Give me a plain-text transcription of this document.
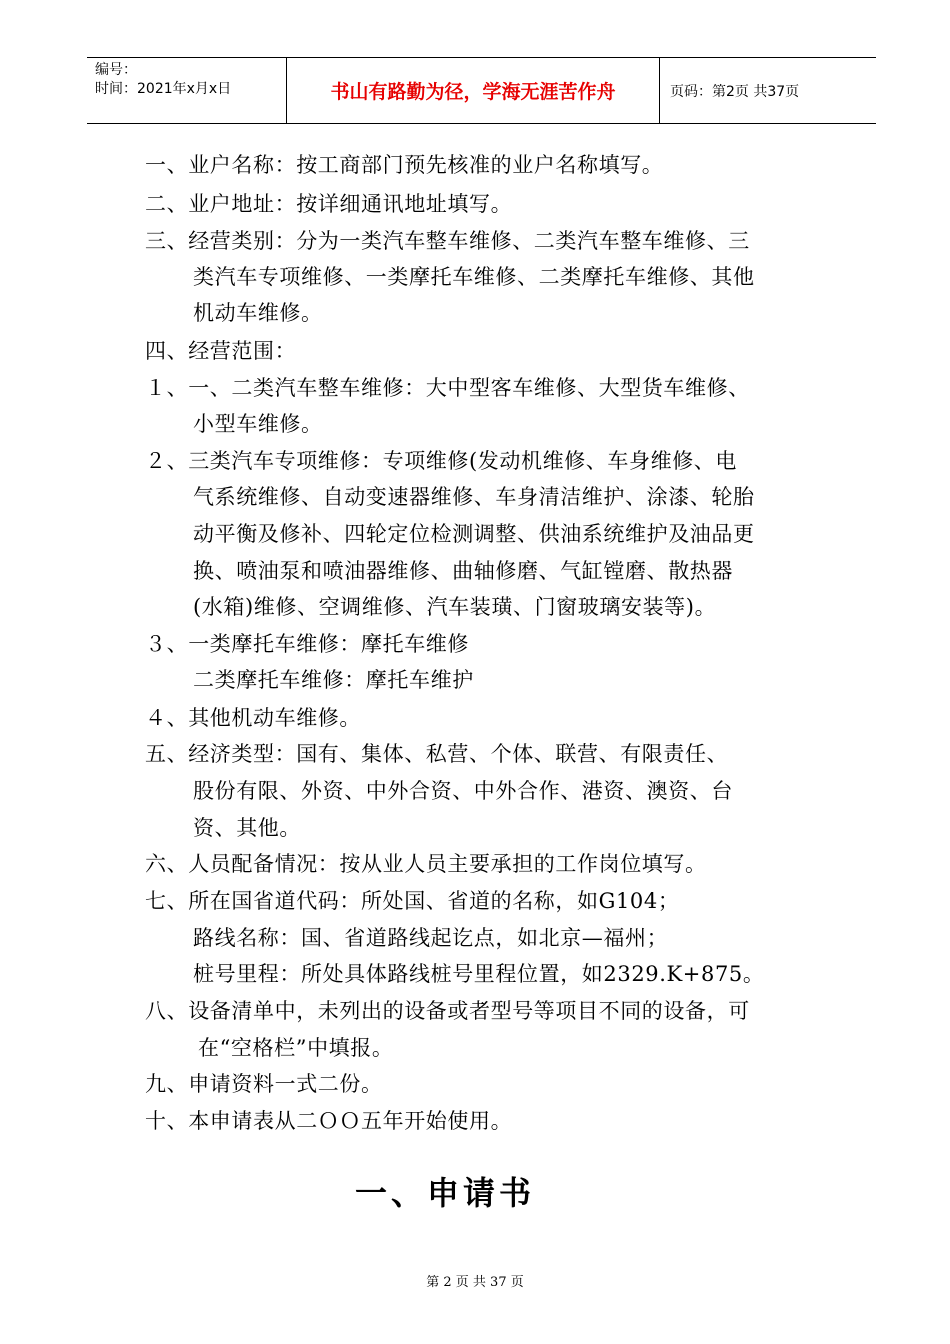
编号：
时间：2021年x月x日	书山有路勤为径，学海无涯苦作舟	页码：第2页 共37页
一、业户名称：按工商部门预先核准的业户名称填写。
二、业户地址：按详细通讯地址填写。
三、经营类别：分为一类汽车整车维修、二类汽车整车维修、三
类汽车专项维修、一类摩托车维修、二类摩托车维修、其他
机动车维修。
四、经营范围：
１、一、二类汽车整车维修：大中型客车维修、大型货车维修、
小型车维修。
２、三类汽车专项维修：专项维修(发动机维修、车身维修、电
气系统维修、自动变速器维修、车身清洁维护、涂漆、轮胎
动平衡及修补、四轮定位检测调整、供油系统维护及油品更
换、喷油泵和喷油器维修、曲轴修磨、气缸镗磨、散热器
(水箱)维修、空调维修、汽车装璜、门窗玻璃安装等)。
３、一类摩托车维修：摩托车维修
二类摩托车维修：摩托车维护
４、其他机动车维修。
五、经济类型：国有、集体、私营、个体、联营、有限责任、
股份有限、外资、中外合资、中外合作、港资、澳资、台
资、其他。
六、人员配备情况：按从业人员主要承担的工作岗位填写。
七、所在国省道代码：所处国、省道的名称，如G104；
路线名称：国、省道路线起讫点，如北京—福州；
桩号里程：所处具体路线桩号里程位置，如2329.K+875。
八、设备清单中，未列出的设备或者型号等项目不同的设备，可
在“空格栏”中填报。
九、申请资料一式二份。
十、本申请表从二ＯＯ五年开始使用。
一、申请书
第 2 页 共 37 页
